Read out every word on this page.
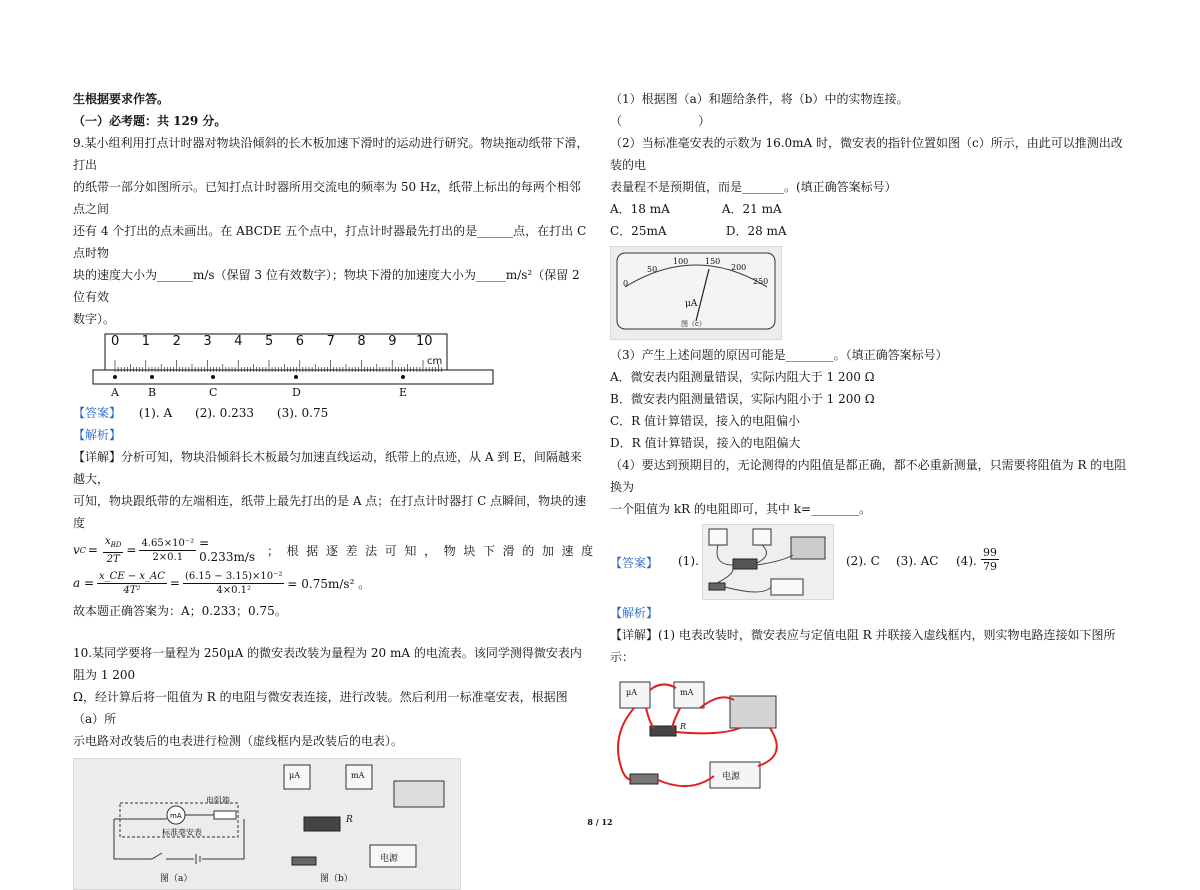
生根据要求作答。

（一）必考题：共 129 分。

9.某小组利用打点计时器对物块沿倾斜的长木板加速下滑时的运动进行研究。物块拖动纸带下滑，打出

的纸带一部分如图所示。已知打点计时器所用交流电的频率为 50 Hz，纸带上标出的每两个相邻点之间

还有 4 个打出的点未画出。在 ABCDE 五个点中，打点计时器最先打出的是______点，在打出 C 点时物

块的速度大小为______m/s（保留 3 位有效数字）；物块下滑的加速度大小为_____m/s²（保留 2 位有效

数字）。

cm
0 1 2 3 4 5 6 7 8 9 10
A	B	C	D	E

【答案】 (1). A      (2). 0.233      (3). 0.75

【解析】

【详解】分析可知，物块沿倾斜长木板最匀加速直线运动，纸带上的点迹，从 A 到 E，间隔越来越大，

可知，物块跟纸带的左端相连，纸带上最先打出的是 A 点；在打点计时器打 C 点瞬间，物块的速度

v $C = \frac{x_{BD}}{2T} = \frac{\text{4.65×10⁻²}}{2\times 0.1} = 0.233m/s$ ；  根  据  逐  差  法  可  知  ，  物  块  下  滑  的  加  速  度
$a = \frac{x\_CE - x\_AC}{\text{4T²}} = \frac{\text{(6.15 − 3.15)×10⁻²}}{\text{4×0.1²}} = 0.75m/s^2$ 。

故本题正确答案为：A；0.233；0.75。

10.某同学要将一量程为 250μA 的微安表改装为量程为 20 mA 的电流表。该同学测得微安表内阻为 1 200

Ω，经计算后将一阻值为 R 的电阻与微安表连接，进行改装。然后利用一标准毫安表，根据图（a）所

示电路对改装后的电表进行检测（虚线框内是改装后的电表）。

mA
电阻箱
标准毫安表
图（a）
μA	mA
R
电源
图（b）

（1）根据图（a）和题给条件，将（b）中的实物连接。

（                    ）

（2）当标准毫安表的示数为 16.0mA 时，微安表的指针位置如图（c）所示，由此可以推测出改装的电

表量程不是预期值，而是_______。(填正确答案标号）

A．18 mA	A．21 mA

C．25mA	D．28 mA

0
50
100 150
200
250
μA
图（c）

（3）产生上述问题的原因可能是________。（填正确答案标号）

A．微安表内阻测量错误，实际内阻大于 1 200 Ω

B．微安表内阻测量错误，实际内阻小于 1 200 Ω

C．R 值计算错误，接入的电阻偏小

D．R 值计算错误，接入的电阻偏大

（4）要达到预期目的，无论测得的内阻值是都正确，都不必重新测量，只需要将阻值为 R 的电阻换为

一个阻值为 kR 的电阻即可，其中 k=________。

【答案】 (1).	(2). C (3). AC (4). $\frac{99}{79}$

【解析】

【详解】(1) 电表改装时，微安表应与定值电阻 R 并联接入虚线框内，则实物电路连接如下图所示：

μA	mA
R
电源
8 / 12
